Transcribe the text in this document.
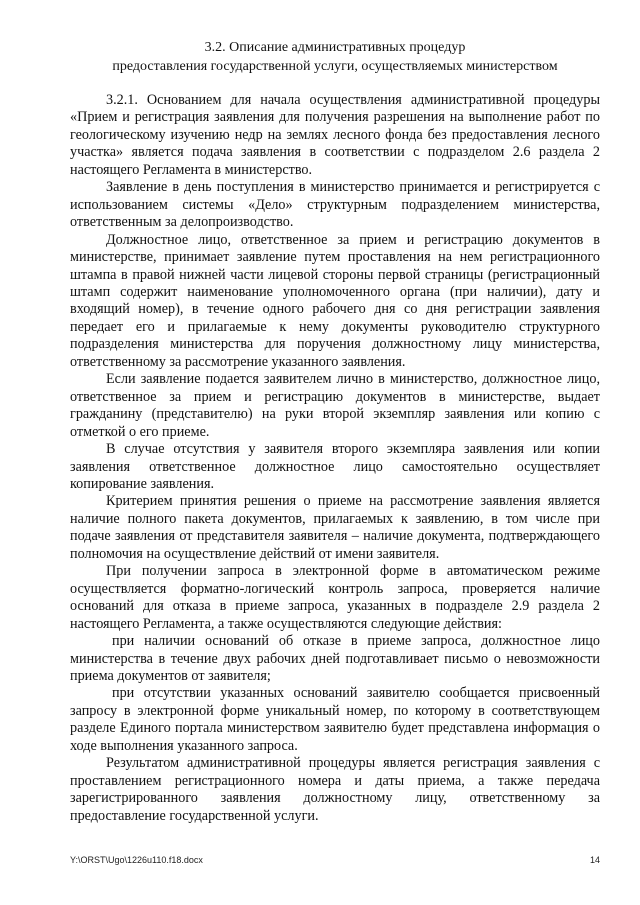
3.2. Описание административных процедур
предоставления государственной услуги, осуществляемых министерством

3.2.1. Основанием для начала осуществления административной процедуры «Прием и регистрация заявления для получения разрешения на выполнение работ по геологическому изучению недр на землях лесного фонда без предоставления лесного участка» является подача заявления в соответствии с подразделом 2.6 раздела 2 настоящего Регламента в министерство.

Заявление в день поступления в министерство принимается и регистрируется с использованием системы «Дело» структурным подразделением министерства, ответственным за делопроизводство.

Должностное лицо, ответственное за прием и регистрацию документов в министерстве, принимает заявление путем проставления на нем регистрационного штампа в правой нижней части лицевой стороны первой страницы (регистрационный штамп содержит наименование уполномоченного органа (при наличии), дату и входящий номер), в течение одного рабочего дня со дня регистрации заявления передает его и прилагаемые к нему документы руководителю структурного подразделения министерства для поручения должностному лицу министерства, ответственному за рассмотрение указанного заявления.

Если заявление подается заявителем лично в министерство, должностное лицо, ответственное за прием и регистрацию документов в министерстве, выдает гражданину (представителю) на руки второй экземпляр заявления или копию с отметкой о его приеме.

В случае отсутствия у заявителя второго экземпляра заявления или копии заявления ответственное должностное лицо самостоятельно осуществляет копирование заявления.

Критерием принятия решения о приеме на рассмотрение заявления является наличие полного пакета документов, прилагаемых к заявлению, в том числе при подаче заявления от представителя заявителя – наличие документа, подтверждающего полномочия на осуществление действий от имени заявителя.

При получении запроса в электронной форме в автоматическом режиме осуществляется форматно-логический контроль запроса, проверяется наличие оснований для отказа в приеме запроса, указанных в подразделе 2.9 раздела 2 настоящего Регламента, а также осуществляются следующие действия:

при наличии оснований об отказе в приеме запроса, должностное лицо министерства в течение двух рабочих дней подготавливает письмо о невозможности приема документов от заявителя;

при отсутствии указанных оснований заявителю сообщается присвоенный запросу в электронной форме уникальный номер, по которому в соответствующем разделе Единого портала министерством заявителю будет представлена информация о ходе выполнения указанного запроса.

Результатом административной процедуры является регистрация заявления с проставлением регистрационного номера и даты приема, а также передача зарегистрированного заявления должностному лицу, ответственному за предоставление государственной услуги.

Y:\ORST\Ugo\1226u110.f18.docx	14
